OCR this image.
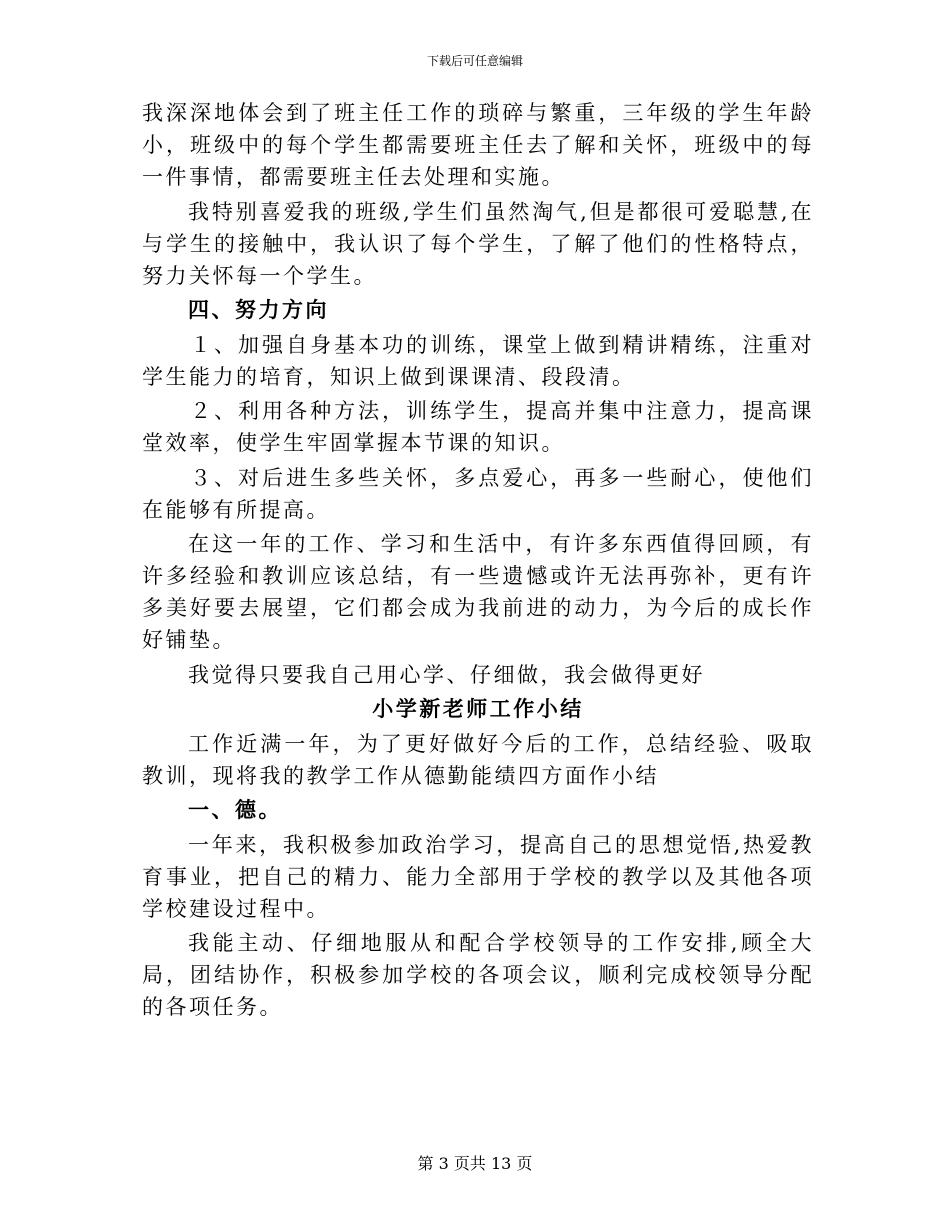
下载后可任意编辑

我深深地体会到了班主任工作的琐碎与繁重，三年级的学生年龄小，班级中的每个学生都需要班主任去了解和关怀，班级中的每一件事情，都需要班主任去处理和实施。

我特别喜爱我的班级,学生们虽然淘气,但是都很可爱聪慧,在与学生的接触中，我认识了每个学生，了解了他们的性格特点，努力关怀每一个学生。

四、努力方向

１、加强自身基本功的训练，课堂上做到精讲精练，注重对学生能力的培育，知识上做到课课清、段段清。

２、利用各种方法，训练学生，提高并集中注意力，提高课堂效率，使学生牢固掌握本节课的知识。

３、对后进生多些关怀，多点爱心，再多一些耐心，使他们在能够有所提高。

在这一年的工作、学习和生活中，有许多东西值得回顾，有许多经验和教训应该总结，有一些遗憾或许无法再弥补，更有许多美好要去展望，它们都会成为我前进的动力，为今后的成长作好铺垫。

我觉得只要我自己用心学、仔细做，我会做得更好

小学新老师工作小结

工作近满一年，为了更好做好今后的工作，总结经验、吸取教训，现将我的教学工作从德勤能绩四方面作小结

一、德。

一年来，我积极参加政治学习，提高自己的思想觉悟,热爱教育事业，把自己的精力、能力全部用于学校的教学以及其他各项学校建设过程中。

我能主动、仔细地服从和配合学校领导的工作安排,顾全大局，团结协作，积极参加学校的各项会议，顺利完成校领导分配的各项任务。

第 3 页共 13 页
